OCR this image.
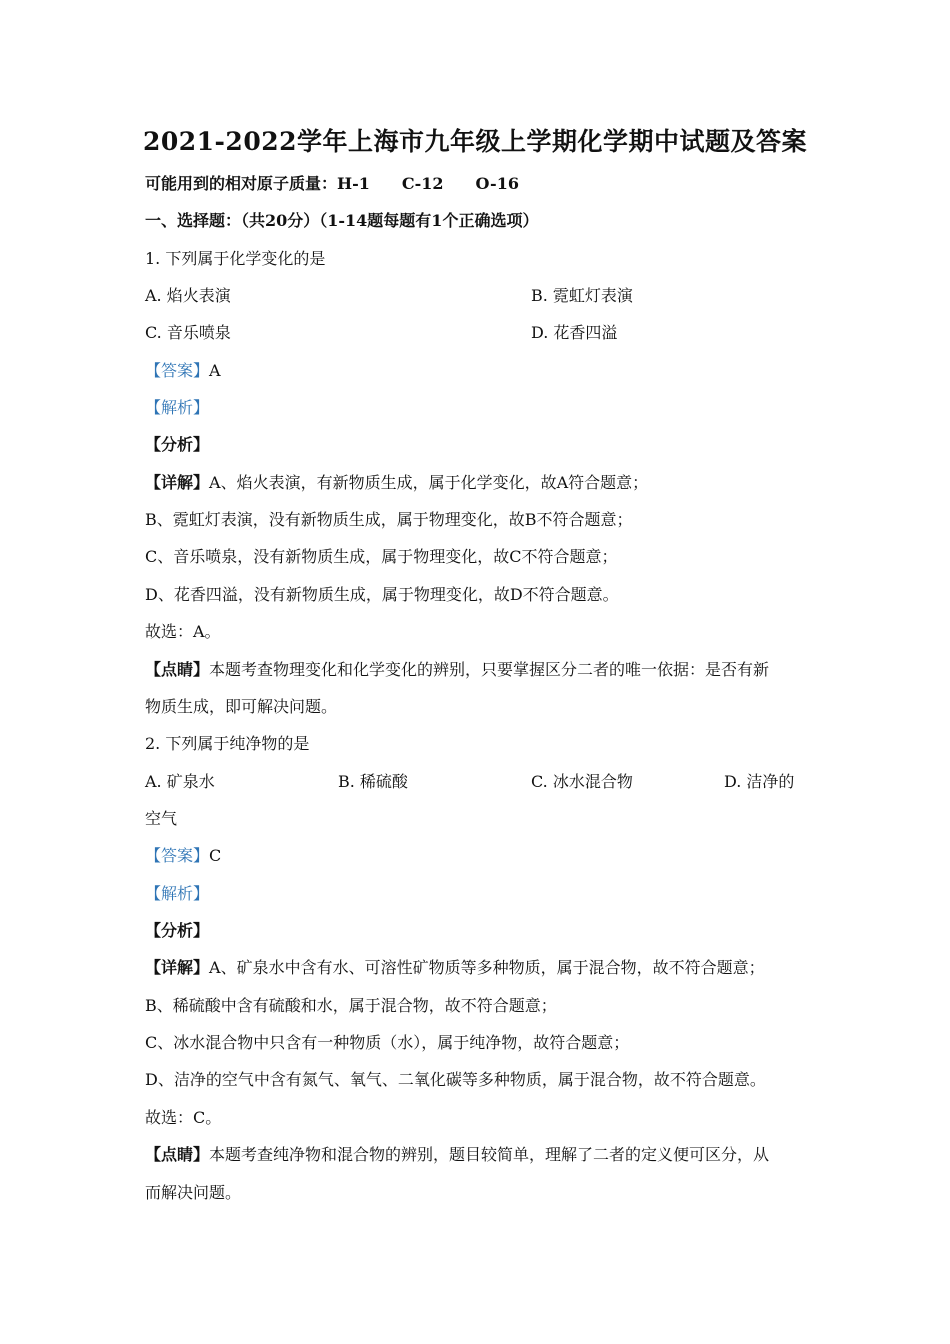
2021-2022学年上海市九年级上学期化学期中试题及答案
可能用到的相对原子质量：H-1　　C-12　　O-16
一、选择题：（共20分）（1-14题每题有1个正确选项）
1. 下列属于化学变化的是
A. 焰火表演	B. 霓虹灯表演
C. 音乐喷泉	D. 花香四溢
【答案】A
【解析】
【分析】
【详解】A、焰火表演，有新物质生成，属于化学变化，故A符合题意；
B、霓虹灯表演，没有新物质生成，属于物理变化，故B不符合题意；
C、音乐喷泉，没有新物质生成，属于物理变化，故C不符合题意；
D、花香四溢，没有新物质生成，属于物理变化，故D不符合题意。
故选：A。
【点睛】本题考查物理变化和化学变化的辨别，只要掌握区分二者的唯一依据：是否有新
物质生成，即可解决问题。
2. 下列属于纯净物的是
A. 矿泉水	B. 稀硫酸	C. 冰水混合物	D. 洁净的
空气
【答案】C
【解析】
【分析】
【详解】A、矿泉水中含有水、可溶性矿物质等多种物质，属于混合物，故不符合题意；
B、稀硫酸中含有硫酸和水，属于混合物，故不符合题意；
C、冰水混合物中只含有一种物质（水），属于纯净物，故符合题意；
D、洁净的空气中含有氮气、氧气、二氧化碳等多种物质，属于混合物，故不符合题意。
故选：C。
【点睛】本题考查纯净物和混合物的辨别，题目较简单，理解了二者的定义便可区分，从
而解决问题。
